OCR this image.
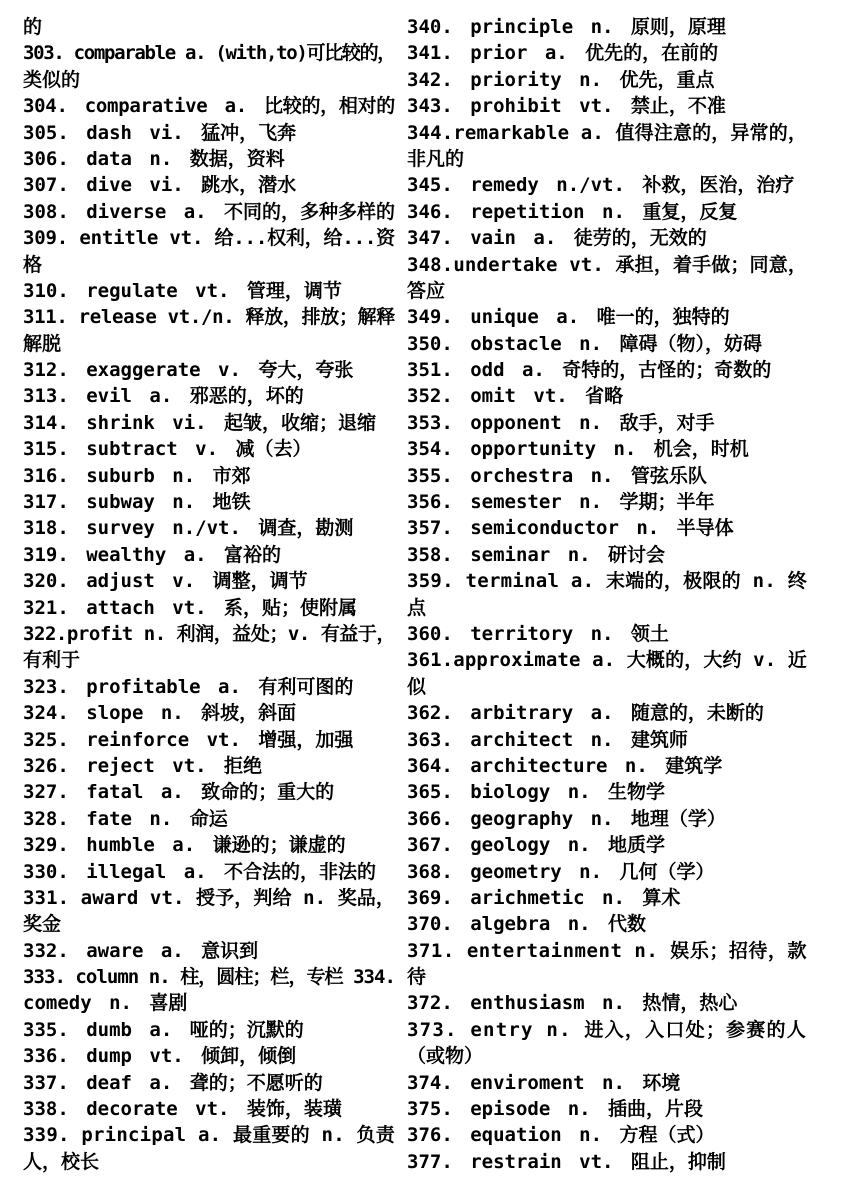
的
303. comparable a. (with,to)可比较的，
类似的
304. comparative a. 比较的，相对的
305. dash vi. 猛冲，飞奔
306. data n. 数据，资料
307. dive vi. 跳水，潜水
308. diverse a. 不同的，多种多样的
309. entitle vt. 给...权利，给...资
格
310. regulate vt. 管理，调节
311. release vt./n. 释放，排放；解释
解脱
312. exaggerate v. 夸大，夸张
313. evil a. 邪恶的，坏的
314. shrink vi. 起皱，收缩；退缩
315. subtract v. 减（去）
316. suburb n. 市郊
317. subway n. 地铁
318. survey n./vt. 调查，勘测
319. wealthy a. 富裕的
320. adjust v. 调整，调节
321. attach vt. 系，贴；使附属
322.profit n. 利润，益处；v. 有益于，
有利于
323. profitable a. 有利可图的
324. slope n. 斜坡，斜面
325. reinforce vt. 增强，加强
326. reject vt. 拒绝
327. fatal a. 致命的；重大的
328. fate n. 命运
329. humble a. 谦逊的；谦虚的
330. illegal a. 不合法的，非法的
331. award vt. 授予，判给 n. 奖品，
奖金
332. aware a. 意识到
333. column n. 柱，圆柱；栏，专栏 334.
comedy n. 喜剧
335. dumb a. 哑的；沉默的
336. dump vt. 倾卸，倾倒
337. deaf a. 聋的；不愿听的
338. decorate vt. 装饰，装璜
339. principal a. 最重要的 n. 负责
人，校长
340. principle n. 原则，原理
341. prior a. 优先的，在前的
342. priority n. 优先，重点
343. prohibit vt. 禁止，不准
344.remarkable a. 值得注意的，异常的，
非凡的
345. remedy n./vt. 补救，医治，治疗
346. repetition n. 重复，反复
347. vain a. 徒劳的，无效的
348.undertake vt. 承担，着手做；同意，
答应
349. unique a. 唯一的，独特的
350. obstacle n. 障碍（物），妨碍
351. odd a. 奇特的，古怪的；奇数的
352. omit vt. 省略
353. opponent n. 敌手，对手
354. opportunity n. 机会，时机
355. orchestra n. 管弦乐队
356. semester n. 学期；半年
357. semiconductor n. 半导体
358. seminar n. 研讨会
359. terminal a. 末端的，极限的 n. 终
点
360. territory n. 领土
361.approximate a. 大概的，大约 v. 近
似
362. arbitrary a. 随意的，未断的
363. architect n. 建筑师
364. architecture n. 建筑学
365. biology n. 生物学
366. geography n. 地理（学）
367. geology n. 地质学
368. geometry n. 几何（学）
369. arichmetic n. 算术
370. algebra n. 代数
371. entertainment n. 娱乐；招待，款
待
372. enthusiasm n. 热情，热心
373. entry n. 进入，入口处；参赛的人
（或物）
374. enviroment n. 环境
375. episode n. 插曲，片段
376. equation n. 方程（式）
377. restrain vt. 阻止，抑制
